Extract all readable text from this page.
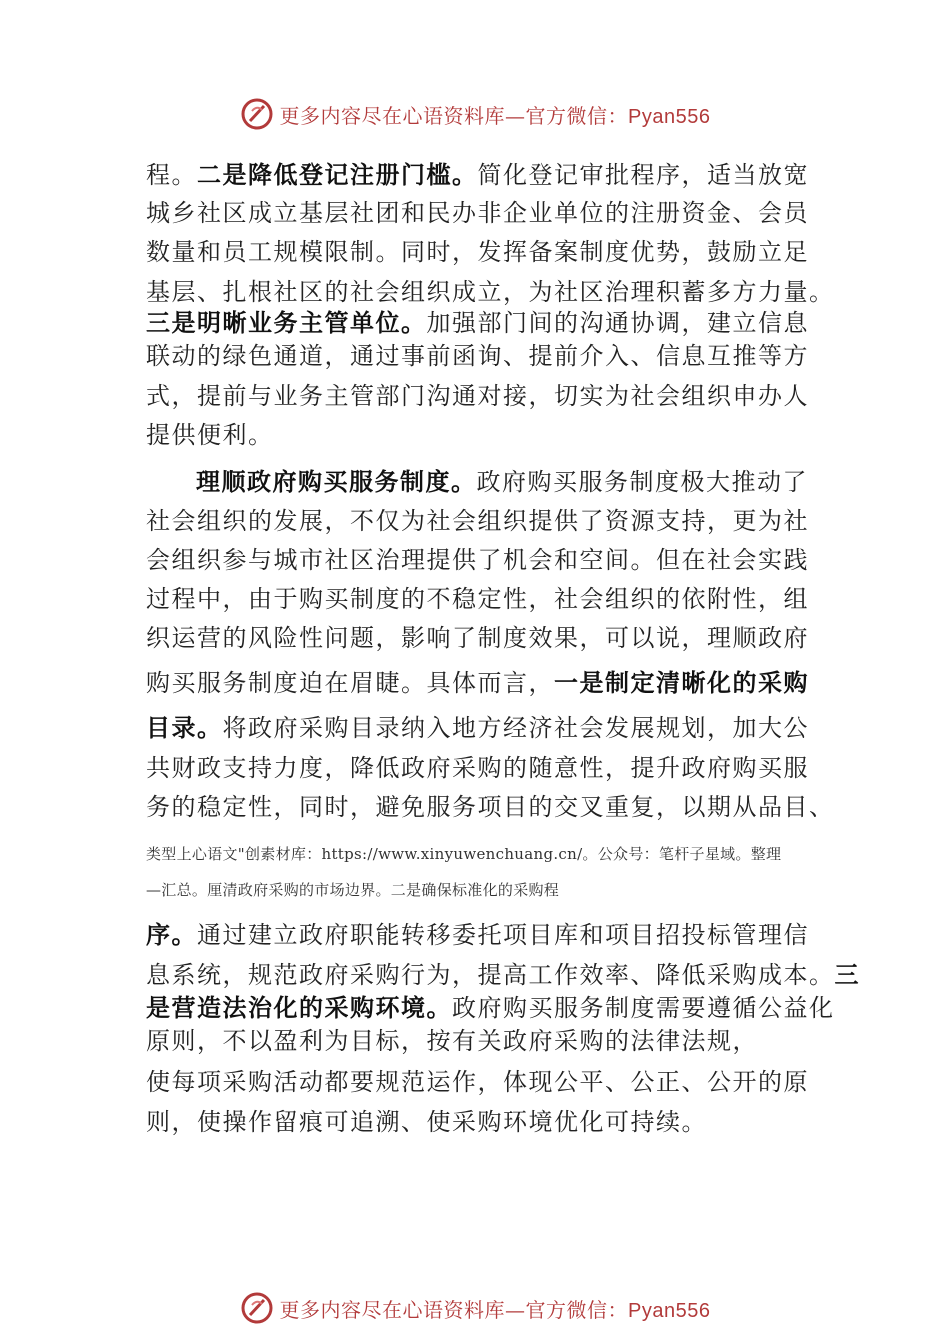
更多内容尽在心语资料库—官方微信：Pyan556
程。二是降低登记注册门槛。简化登记审批程序，适当放宽
城乡社区成立基层社团和民办非企业单位的注册资金、会员
数量和员工规模限制。同时，发挥备案制度优势，鼓励立足
基层、扎根社区的社会组织成立，为社区治理积蓄多方力量。
三是明晰业务主管单位。加强部门间的沟通协调，建立信息
联动的绿色通道，通过事前函询、提前介入、信息互推等方
式，提前与业务主管部门沟通对接，切实为社会组织申办人
提供便利。
理顺政府购买服务制度。政府购买服务制度极大推动了
社会组织的发展，不仅为社会组织提供了资源支持，更为社
会组织参与城市社区治理提供了机会和空间。但在社会实践
过程中，由于购买制度的不稳定性，社会组织的依附性，组
织运营的风险性问题，影响了制度效果，可以说，理顺政府
购买服务制度迫在眉睫。具体而言，一是制定清晰化的采购
目录。将政府采购目录纳入地方经济社会发展规划，加大公
共财政支持力度，降低政府采购的随意性，提升政府购买服
务的稳定性，同时，避免服务项目的交叉重复，以期从品目、
类型上心语文"创素材库：https://www.xinyuwenchuang.cn/。公众号：笔杆子星域。整理
—汇总。厘清政府采购的市场边界。二是确保标准化的采购程
序。通过建立政府职能转移委托项目库和项目招投标管理信
息系统，规范政府采购行为，提高工作效率、降低采购成本。三
是营造法治化的采购环境。政府购买服务制度需要遵循公益化
原则，不以盈利为目标，按有关政府采购的法律法规，
使每项采购活动都要规范运作，体现公平、公正、公开的原
则，使操作留痕可追溯、使采购环境优化可持续。
更多内容尽在心语资料库—官方微信：Pyan556
